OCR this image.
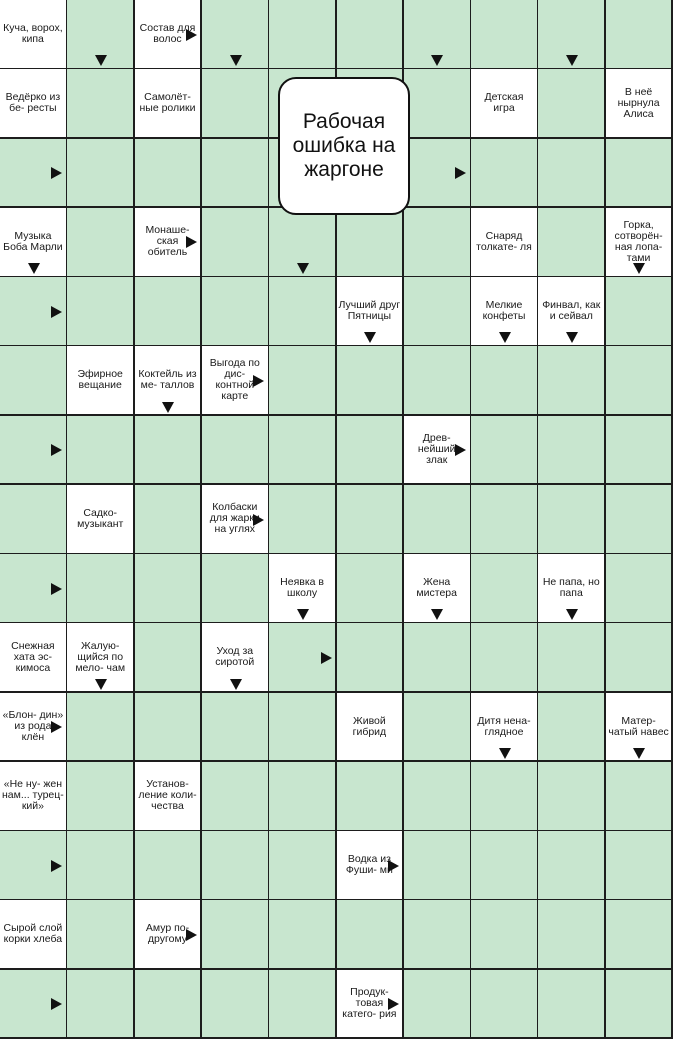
Куча, ворох, кипа
Состав для волос
Ведёрко из бе- ресты
Самолёт- ные ролики
Детская игра
В неё нырнула Алиса
Музыка Боба Марли
Монаше- ская обитель
Снаряд толкате- ля
Горка, сотворён- ная лопа- тами
Лучший друг Пятницы
Мелкие конфеты
Финвал, как и сейвал
Эфирное вещание
Коктейль из ме- таллов
Выгода по дис- контной карте
Древ- нейший злак
Садко- музыкант
Колбаски для жарки на углях
Неявка в школу
Жена мистера
Не папа, но папа
Снежная хата эс- кимоса
Жалую- щийся по мело- чам
Уход за сиротой
«Блон- дин» из рода клён
Живой гибрид
Дитя нена- глядное
Матер- чатый навес
«Не ну- жен нам... турец- кий»
Установ- ление коли- чества
Водка из Фуши- ми
Сырой слой корки хлеба
Амур по- другому
Продук- товая катего- рия
Рабочая ошибка на жаргоне
